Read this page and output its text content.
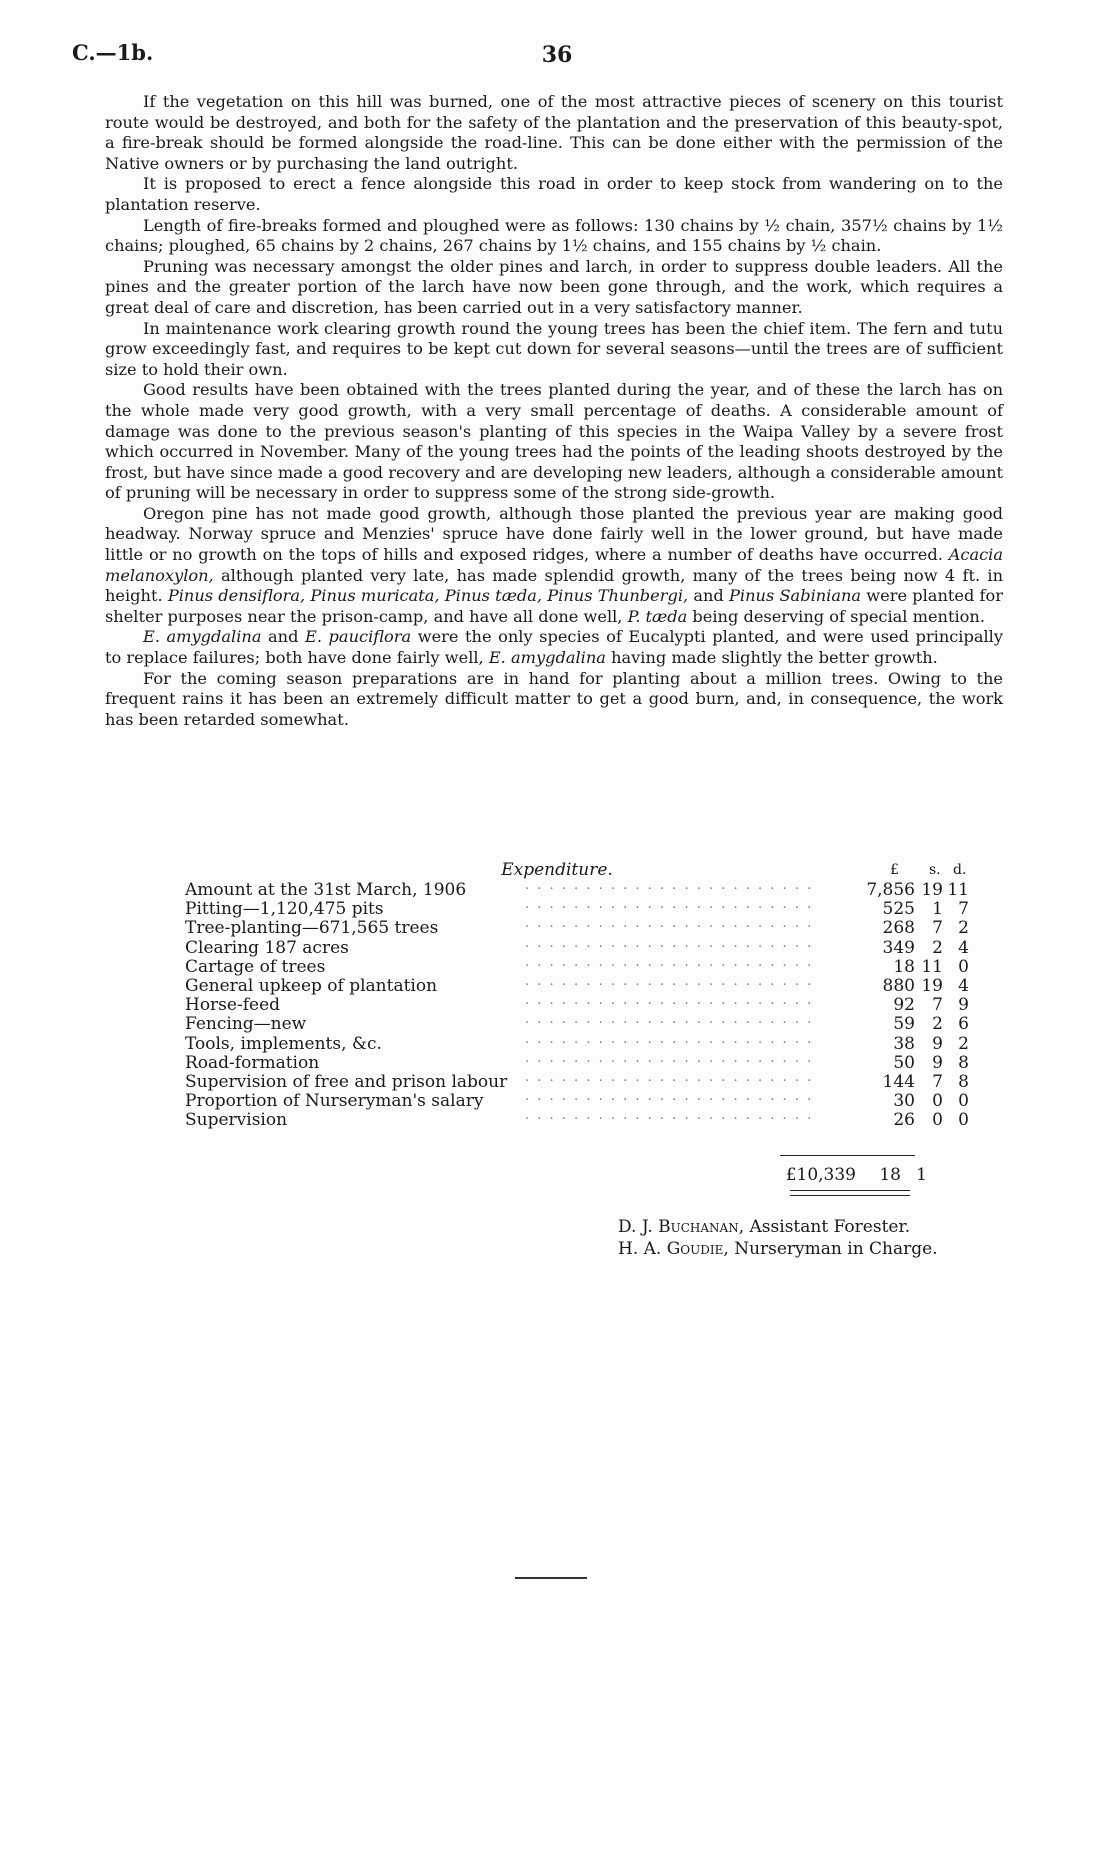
C.—1b.	36

If the vegetation on this hill was burned, one of the most attractive pieces of scenery on this tourist route would be destroyed, and both for the safety of the plantation and the preservation of this beauty-spot, a fire-break should be formed alongside the road-line. This can be done either with the permission of the Native owners or by purchasing the land outright.

It is proposed to erect a fence alongside this road in order to keep stock from wandering on to the plantation reserve.

Length of fire-breaks formed and ploughed were as follows: 130 chains by ½ chain, 357½ chains by 1½ chains; ploughed, 65 chains by 2 chains, 267 chains by 1½ chains, and 155 chains by ½ chain.

Pruning was necessary amongst the older pines and larch, in order to suppress double leaders. All the pines and the greater portion of the larch have now been gone through, and the work, which requires a great deal of care and discretion, has been carried out in a very satisfactory manner.

In maintenance work clearing growth round the young trees has been the chief item. The fern and tutu grow exceedingly fast, and requires to be kept cut down for several seasons—until the trees are of sufficient size to hold their own.

Good results have been obtained with the trees planted during the year, and of these the larch has on the whole made very good growth, with a very small percentage of deaths. A considerable amount of damage was done to the previous season's planting of this species in the Waipa Valley by a severe frost which occurred in November. Many of the young trees had the points of the leading shoots destroyed by the frost, but have since made a good recovery and are developing new leaders, although a considerable amount of pruning will be necessary in order to suppress some of the strong side-growth.

Oregon pine has not made good growth, although those planted the previous year are making good headway. Norway spruce and Menzies' spruce have done fairly well in the lower ground, but have made little or no growth on the tops of hills and exposed ridges, where a number of deaths have occurred. Acacia melanoxylon, although planted very late, has made splendid growth, many of the trees being now 4 ft. in height. Pinus densiflora, Pinus muricata, Pinus tæda, Pinus Thunbergi, and Pinus Sabiniana were planted for shelter purposes near the prison-camp, and have all done well, P. tæda being deserving of special mention.

E. amygdalina and E. pauciflora were the only species of Eucalypti planted, and were used principally to replace failures; both have done fairly well, E. amygdalina having made slightly the better growth.

For the coming season preparations are in hand for planting about a million trees. Owing to the frequent rains it has been an extremely difficult matter to get a good burn, and, in consequence, the work has been retarded somewhat.

Expenditure.	£ s. d.
Amount at the 31st March, 1906	. . . . . . . . . . . . . . . . . . . . . . . .	7,856 19 11
Pitting—1,120,475 pits	. . . . . . . . . . . . . . . . . . . . . . . .	525	1 7
Tree-planting—671,565 trees	. . . . . . . . . . . . . . . . . . . . . . . .	268	7 2
Clearing 187 acres	. . . . . . . . . . . . . . . . . . . . . . . .	349	2 4
Cartage of trees	. . . . . . . . . . . . . . . . . . . . . . . .	18 11 0
General upkeep of plantation	. . . . . . . . . . . . . . . . . . . . . . . .	880 19 4
Horse-feed	. . . . . . . . . . . . . . . . . . . . . . . .	92	7 9
Fencing—new	. . . . . . . . . . . . . . . . . . . . . . . .	59	2 6
Tools, implements, &c.	. . . . . . . . . . . . . . . . . . . . . . . .	38	9 2
Road-formation	. . . . . . . . . . . . . . . . . . . . . . . .	50	9 8
Supervision of free and prison labour . . . . . . . . . . . . . . . . . . . . . . . .	144	7 8
Proportion of Nurseryman's salary	. . . . . . . . . . . . . . . . . . . . . . . .	30	0 0
Supervision	. . . . . . . . . . . . . . . . . . . . . . . .	26	0 0
£10,339	18 1
D. J. Buchanan, Assistant Forester.
H. A. Goudie, Nurseryman in Charge.
